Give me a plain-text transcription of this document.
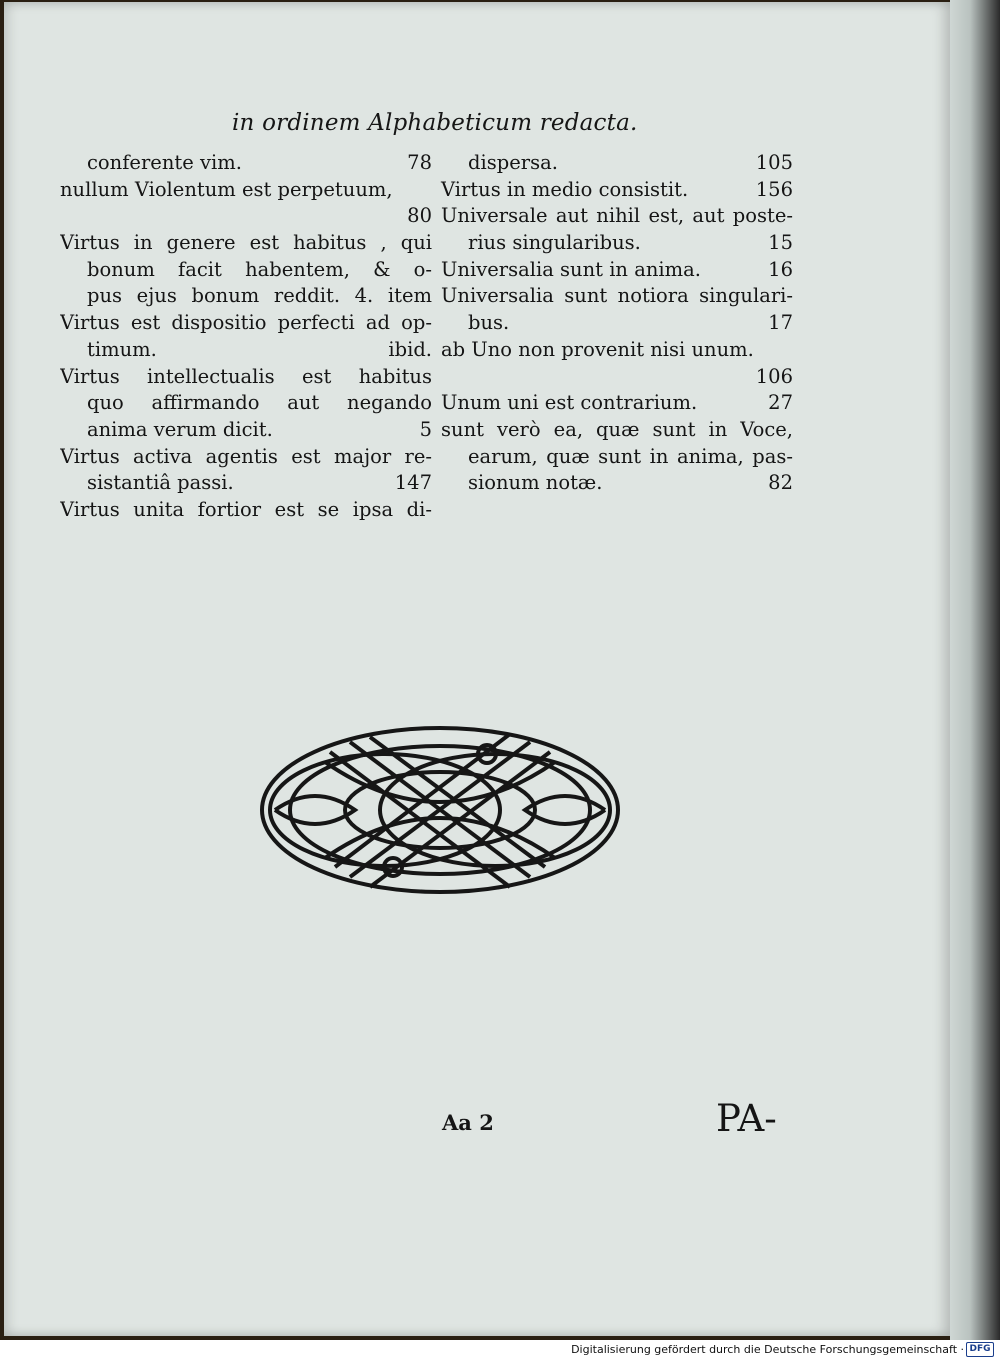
in ordinem Alphabeticum redacta.
conferente vim.	78
nullum Violentum est perpetuum,
80
Virtus in genere est habitus , qui
bonum facit habentem, & o-
pus ejus bonum reddit. 4. item
Virtus est dispositio perfecti ad op-
timum.	ibid.
Virtus intellectualis est habitus
quo affirmando aut negando
anima verum dicit.	5
Virtus activa agentis est major re-
sistantiâ passi.	147
Virtus unita fortior est se ipsa di-
dispersa.	105
Virtus in medio consistit.	156
Universale aut nihil est, aut poste-
rius singularibus.	15
Universalia sunt in anima.	16
Universalia sunt notiora singulari-
bus.	17
ab Uno non provenit nisi unum.
106
Unum uni est contrarium.	27
sunt verò ea, quæ sunt in Voce,
earum, quæ sunt in anima, pas-
sionum notæ.	82
Aa 2	PA-
Digitalisierung gefördert durch die Deutsche Forschungsgemeinschaft · DFG
